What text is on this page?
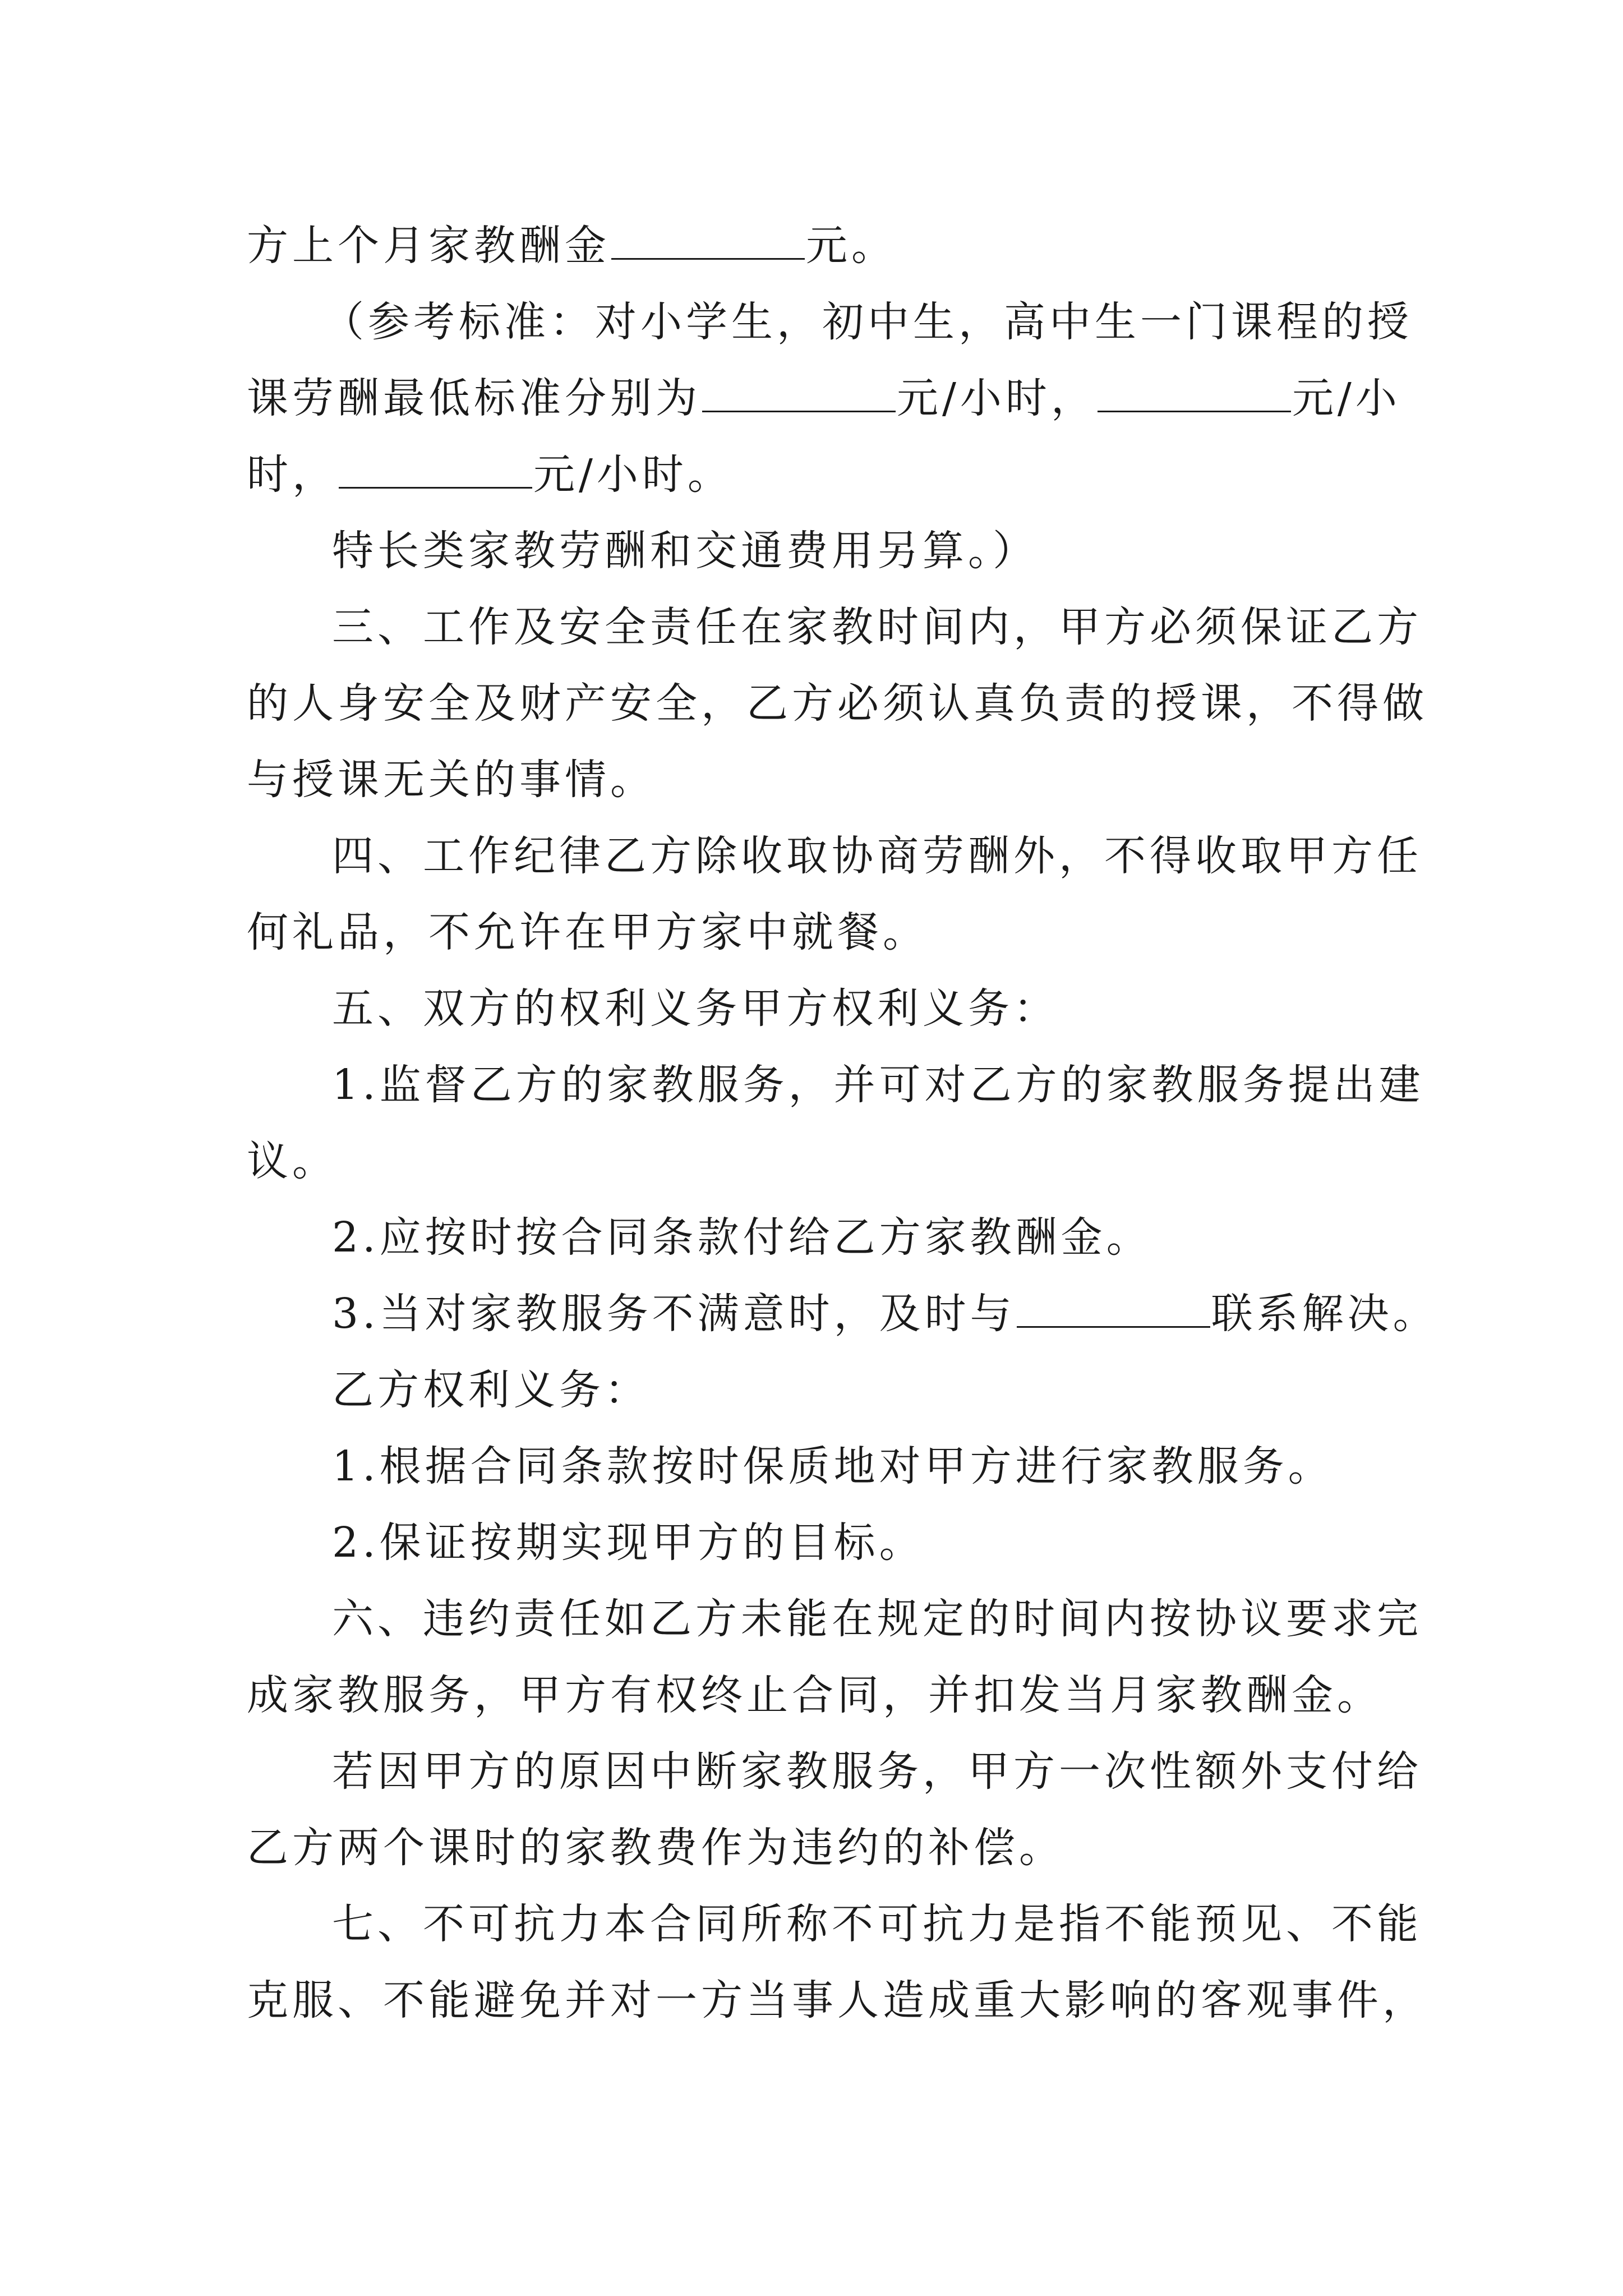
方上个月家教酬金	元。
（参考标准：对小学生，初中生，高中生一门课程的授
课劳酬最低标准分别为	元/小时，	元/小
时，	元/小时。
特长类家教劳酬和交通费用另算。）
三、工作及安全责任在家教时间内，甲方必须保证乙方
的人身安全及财产安全，乙方必须认真负责的授课，不得做
与授课无关的事情。
四、工作纪律乙方除收取协商劳酬外，不得收取甲方任
何礼品，不允许在甲方家中就餐。
五、双方的权利义务甲方权利义务：
1.监督乙方的家教服务，并可对乙方的家教服务提出建
议。
2.应按时按合同条款付给乙方家教酬金。
3.当对家教服务不满意时，及时与	联系解决。
乙方权利义务：
1.根据合同条款按时保质地对甲方进行家教服务。
2.保证按期实现甲方的目标。
六、违约责任如乙方未能在规定的时间内按协议要求完
成家教服务，甲方有权终止合同，并扣发当月家教酬金。
若因甲方的原因中断家教服务，甲方一次性额外支付给
乙方两个课时的家教费作为违约的补偿。
七、不可抗力本合同所称不可抗力是指不能预见、不能
克服、不能避免并对一方当事人造成重大影响的客观事件，
